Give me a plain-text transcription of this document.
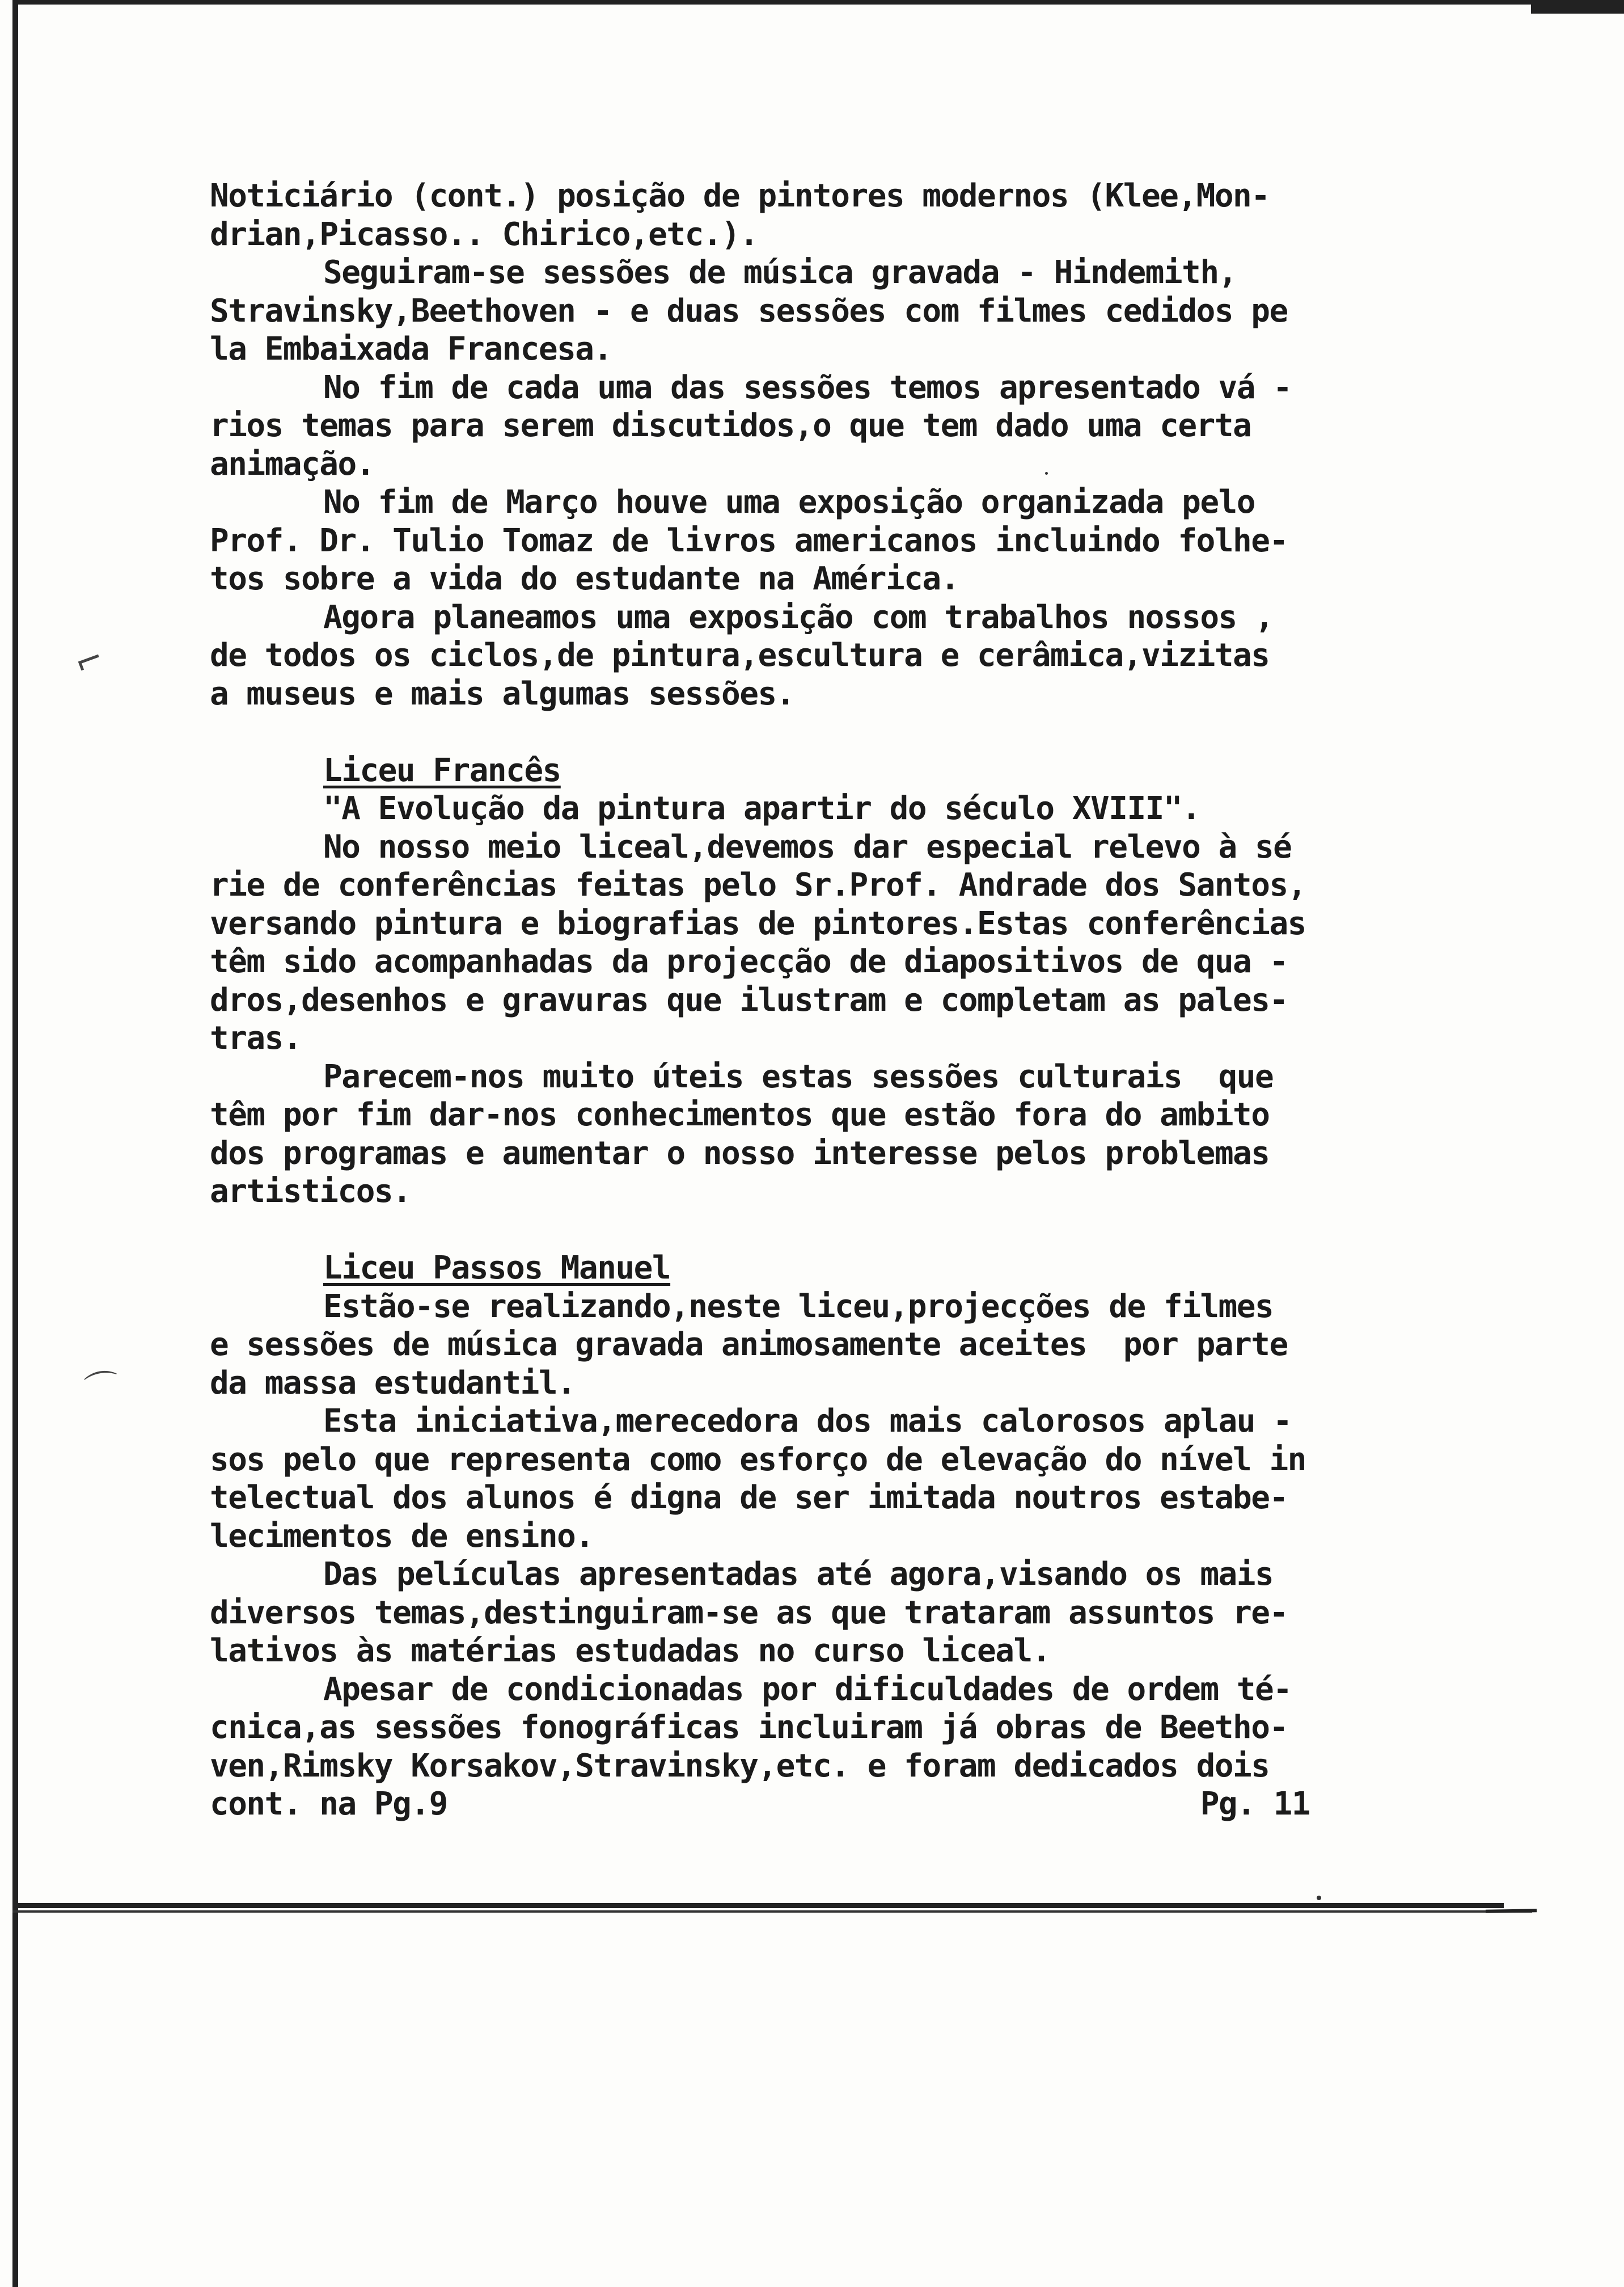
⌐
⌒
Noticiário (cont.) posição de pintores modernos (Klee,Mon-
drian,Picasso.. Chirico,etc.).
Seguiram-se sessões de música gravada - Hindemith,
Stravinsky,Beethoven - e duas sessões com filmes cedidos pe
la Embaixada Francesa.
No fim de cada uma das sessões temos apresentado vá -
rios temas para serem discutidos,o que tem dado uma certa
animação.
No fim de Março houve uma exposição organizada pelo
Prof. Dr. Tulio Tomaz de livros americanos incluindo folhe-
tos sobre a vida do estudante na América.
Agora planeamos uma exposição com trabalhos nossos ,
de todos os ciclos,de pintura,escultura e cerâmica,vizitas
a museus e mais algumas sessões.
Liceu Francês
"A Evolução da pintura apartir do século XVIII".
No nosso meio liceal,devemos dar especial relevo à sé
rie de conferências feitas pelo Sr.Prof. Andrade dos Santos,
versando pintura e biografias de pintores.Estas conferências
têm sido acompanhadas da projecção de diapositivos de qua -
dros,desenhos e gravuras que ilustram e completam as pales-
tras.
Parecem-nos muito úteis estas sessões culturais  que
têm por fim dar-nos conhecimentos que estão fora do ambito
dos programas e aumentar o nosso interesse pelos problemas
artisticos.
Liceu Passos Manuel
Estão-se realizando,neste liceu,projecções de filmes
e sessões de música gravada animosamente aceites  por parte
da massa estudantil.
Esta iniciativa,merecedora dos mais calorosos aplau -
sos pelo que representa como esforço de elevação do nível in
telectual dos alunos é digna de ser imitada noutros estabe-
lecimentos de ensino.
Das películas apresentadas até agora,visando os mais
diversos temas,destinguiram-se as que trataram assuntos re-
lativos às matérias estudadas no curso liceal.
Apesar de condicionadas por dificuldades de ordem té-
cnica,as sessões fonográficas incluiram já obras de Beetho-
ven,Rimsky Korsakov,Stravinsky,etc. e foram dedicados dois
cont. na Pg.9	Pg. 11
